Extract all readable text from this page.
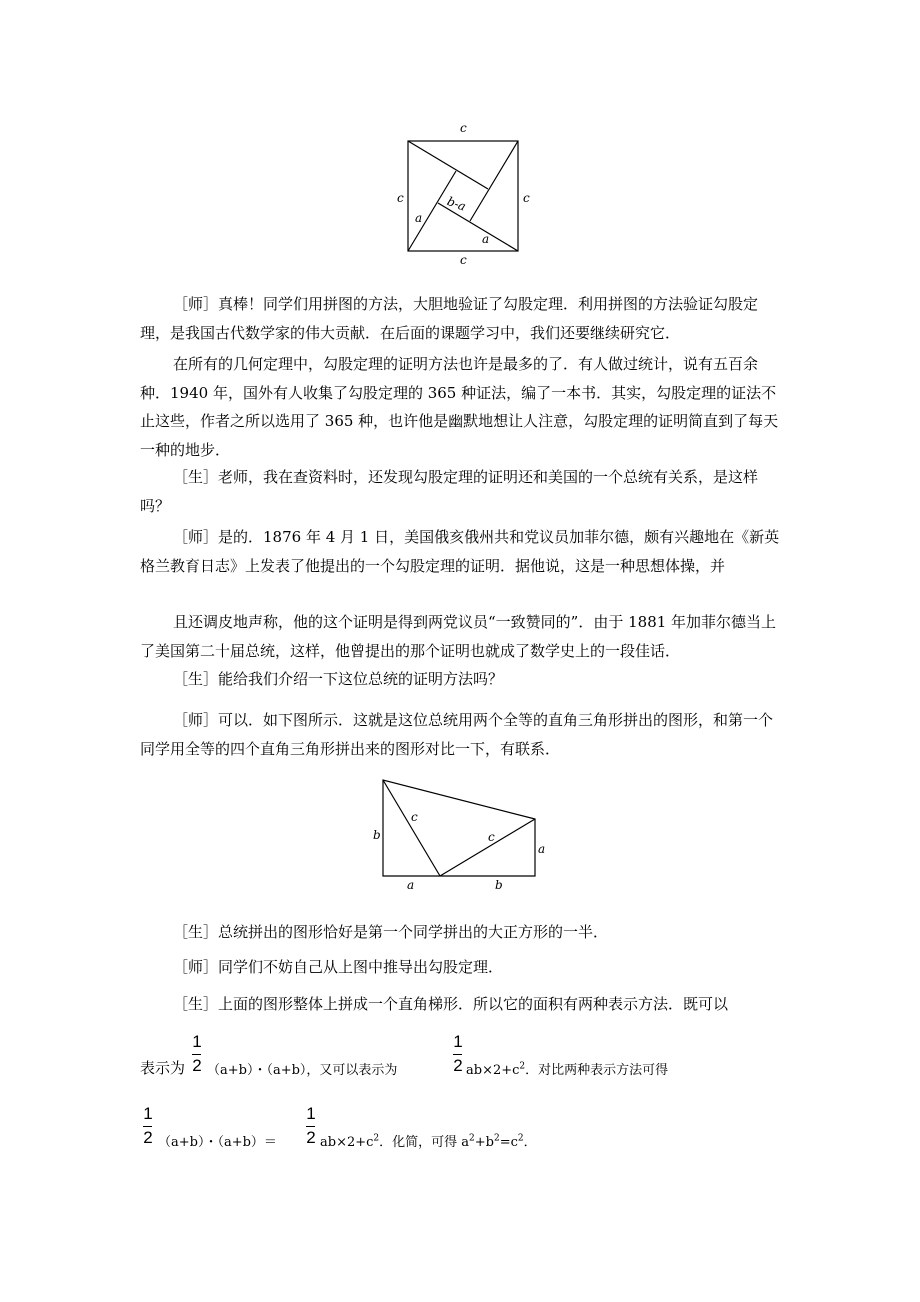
c
c
c	c
a
a
b-a

［师］真棒！同学们用拼图的方法，大胆地验证了勾股定理．利用拼图的方法验证勾股定理，是我国古代数学家的伟大贡献．在后面的课题学习中，我们还要继续研究它．

在所有的几何定理中，勾股定理的证明方法也许是最多的了．有人做过统计，说有五百余种．1940 年，国外有人收集了勾股定理的 365 种证法，编了一本书．其实，勾股定理的证法不止这些，作者之所以选用了 365 种，也许他是幽默地想让人注意，勾股定理的证明简直到了每天一种的地步．

［生］老师，我在查资料时，还发现勾股定理的证明还和美国的一个总统有关系，是这样吗？

［师］是的．1876 年 4 月 1 日，美国俄亥俄州共和党议员加菲尔德，颇有兴趣地在《新英格兰教育日志》上发表了他提出的一个勾股定理的证明．据他说，这是一种思想体操，并

且还调皮地声称，他的这个证明是得到两党议员“一致赞同的”．由于 1881 年加菲尔德当上了美国第二十届总统，这样，他曾提出的那个证明也就成了数学史上的一段佳话．

［生］能给我们介绍一下这位总统的证明方法吗？

［师］可以．如下图所示．这就是这位总统用两个全等的直角三角形拼出的图形，和第一个同学用全等的四个直角三角形拼出来的图形对比一下，有联系．

b
c
c
a
a	b

［生］总统拼出的图形恰好是第一个同学拼出的大正方形的一半．

［师］同学们不妨自己从上图中推导出勾股定理．

［生］上面的图形整体上拼成一个直角梯形．所以它的面积有两种表示方法．既可以

表示为
1
2 （a+b）・（a+b），又可以表示为
1
2 $ab\times 2+c^2$．对比两种表示方法可得
1
2 （a+b）・（a+b）＝
1
2 $ab\times 2+c^2$．化简，可得 $a^2+b^2=c^2$．
